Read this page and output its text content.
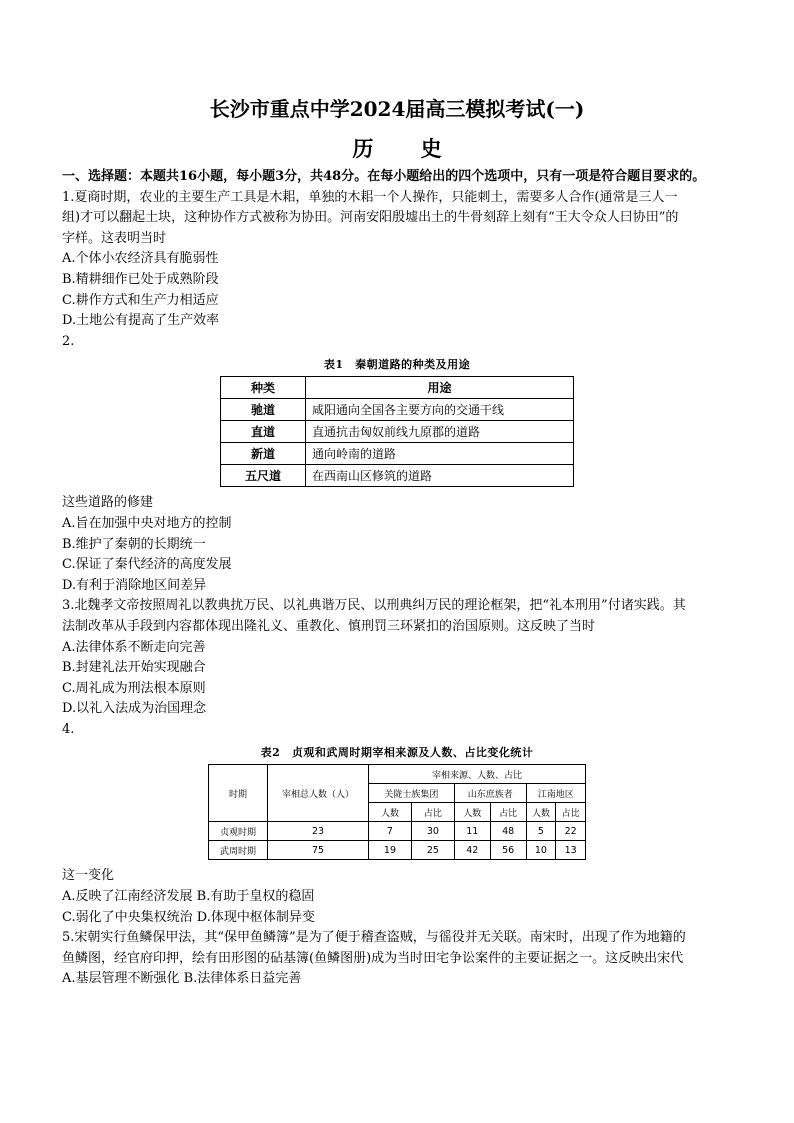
长沙市重点中学2024届高三模拟考试(一)
历 史

一、选择题：本题共16小题，每小题3分，共48分。在每小题给出的四个选项中，只有一项是符合题目要求的。

1.夏商时期，农业的主要生产工具是木耜，单独的木耜一个人操作，只能刺土，需要多人合作(通常是三人一

组)才可以翻起土块，这种协作方式被称为协田。河南安阳殷墟出土的牛骨刻辞上刻有“王大令众人曰协田”的

字样。这表明当时

A.个体小农经济具有脆弱性

B.精耕细作已处于成熟阶段

C.耕作方式和生产力相适应

D.土地公有提高了生产效率

2.

表1　秦朝道路的种类及用途
种类	用途
驰道	咸阳通向全国各主要方向的交通干线
直道	直通抗击匈奴前线九原郡的道路
新道	通向岭南的道路
五尺道	在西南山区修筑的道路

这些道路的修建

A.旨在加强中央对地方的控制

B.维护了秦朝的长期统一

C.保证了秦代经济的高度发展

D.有利于消除地区间差异

3.北魏孝文帝按照周礼以教典扰万民、以礼典谐万民、以刑典纠万民的理论框架，把“礼本刑用”付诸实践。其

法制改革从手段到内容都体现出隆礼义、重教化、慎刑罚三环紧扣的治国原则。这反映了当时

A.法律体系不断走向完善

B.封建礼法开始实现融合

C.周礼成为刑法根本原则

D.以礼入法成为治国理念

4.

表2　贞观和武周时期宰相来源及人数、占比变化统计
时期	宰相总人数（人）	宰相来源、人数、占比					
		关陇士族集团		山东庶族者		江南地区	
		人数	占比	人数	占比	人数	占比
贞观时期	23	7	30	11	48	5	22
武周时期	75	19	25	42	56	10	13

这一变化

A.反映了江南经济发展 B.有助于皇权的稳固

C.弱化了中央集权统治 D.体现中枢体制异变

5.宋朝实行鱼鳞保甲法，其“保甲鱼鳞簿”是为了便于稽查盗贼，与徭役并无关联。南宋时，出现了作为地籍的

鱼鳞图，经官府印押，绘有田形图的砧基簿(鱼鳞图册)成为当时田宅争讼案件的主要证据之一。这反映出宋代

A.基层管理不断强化 B.法律体系日益完善
